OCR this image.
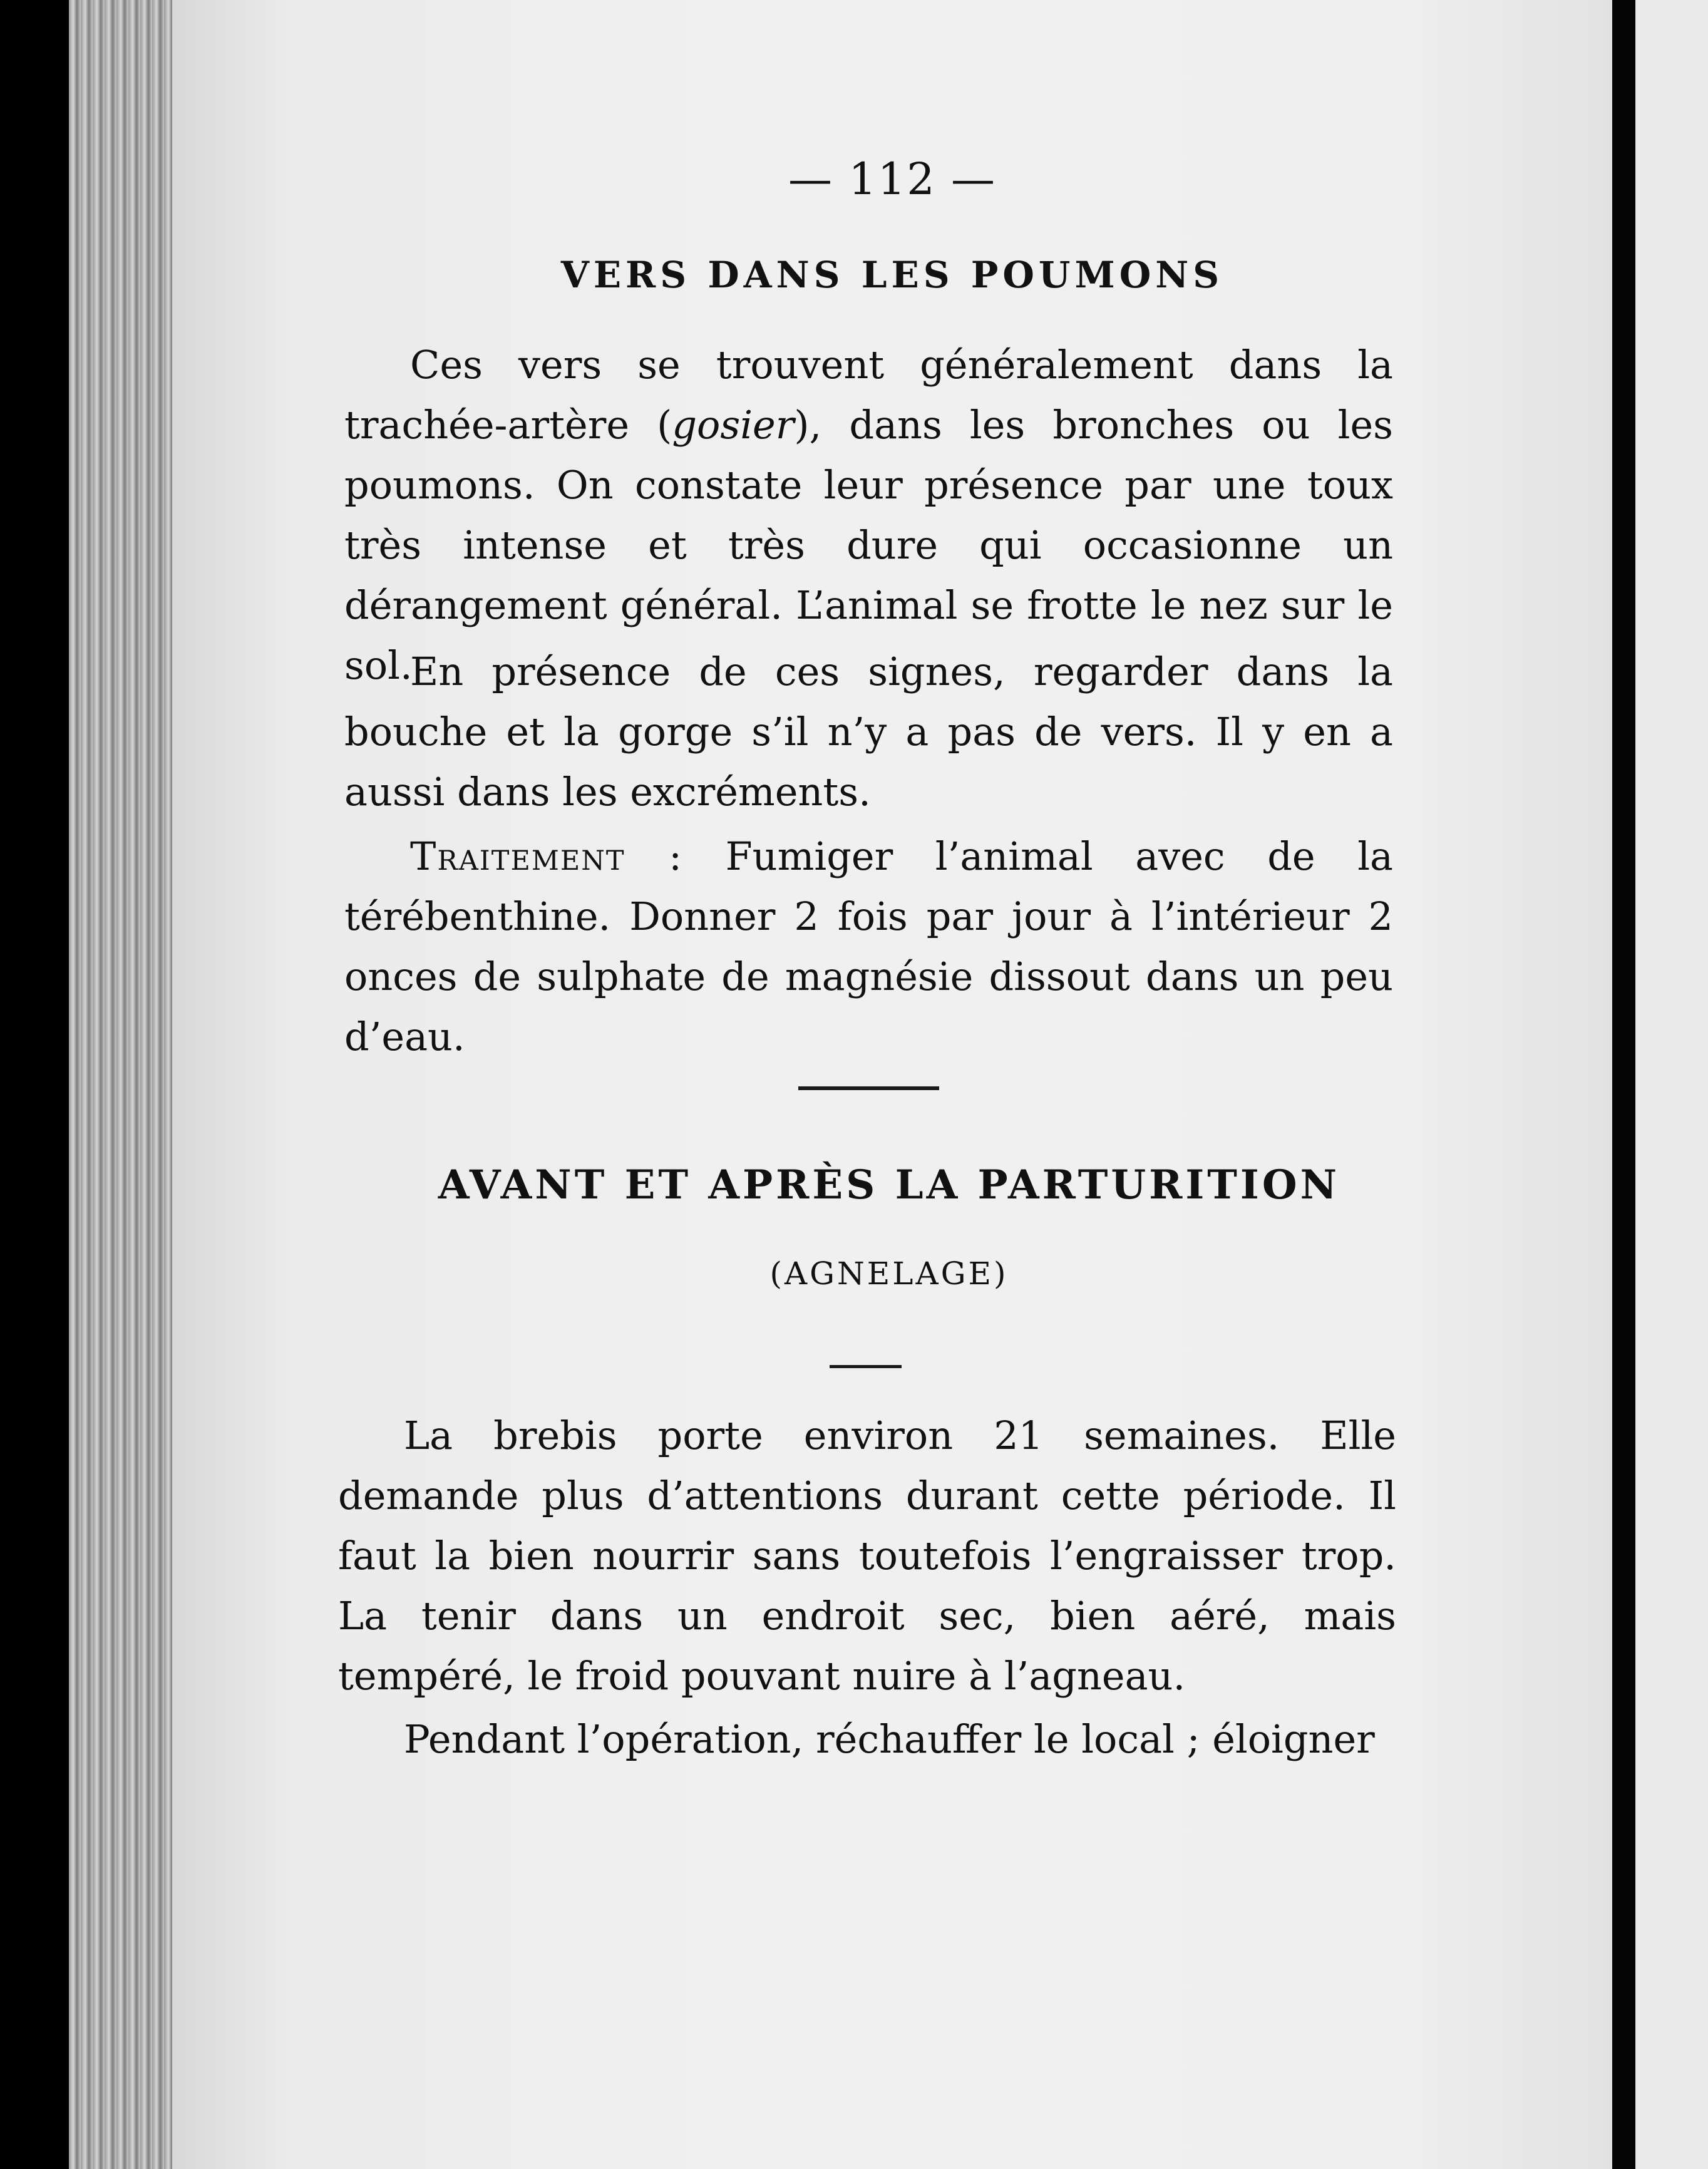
— 112 —

VERS DANS LES POUMONS

Ces vers se trouvent généralement dans la trachée-artère (gosier), dans les bronches ou les poumons. On constate leur présence par une toux très intense et très dure qui occasionne un dérangement général. L’animal se frotte le nez sur le sol.

En présence de ces signes, regarder dans la bouche et la gorge s’il n’y a pas de vers. Il y en a aussi dans les excréments.

Traitement : Fumiger l’animal avec de la térébenthine. Donner 2 fois par jour à l’intérieur 2 onces de sulphate de magnésie dissout dans un peu d’eau.

AVANT ET APRÈS LA PARTURITION

(AGNELAGE)

La brebis porte environ 21 semaines. Elle demande plus d’attentions durant cette période. Il faut la bien nourrir sans toutefois l’engraisser trop. La tenir dans un endroit sec, bien aéré, mais tempéré, le froid pouvant nuire à l’agneau.

Pendant l’opération, réchauffer le local ; éloigner
